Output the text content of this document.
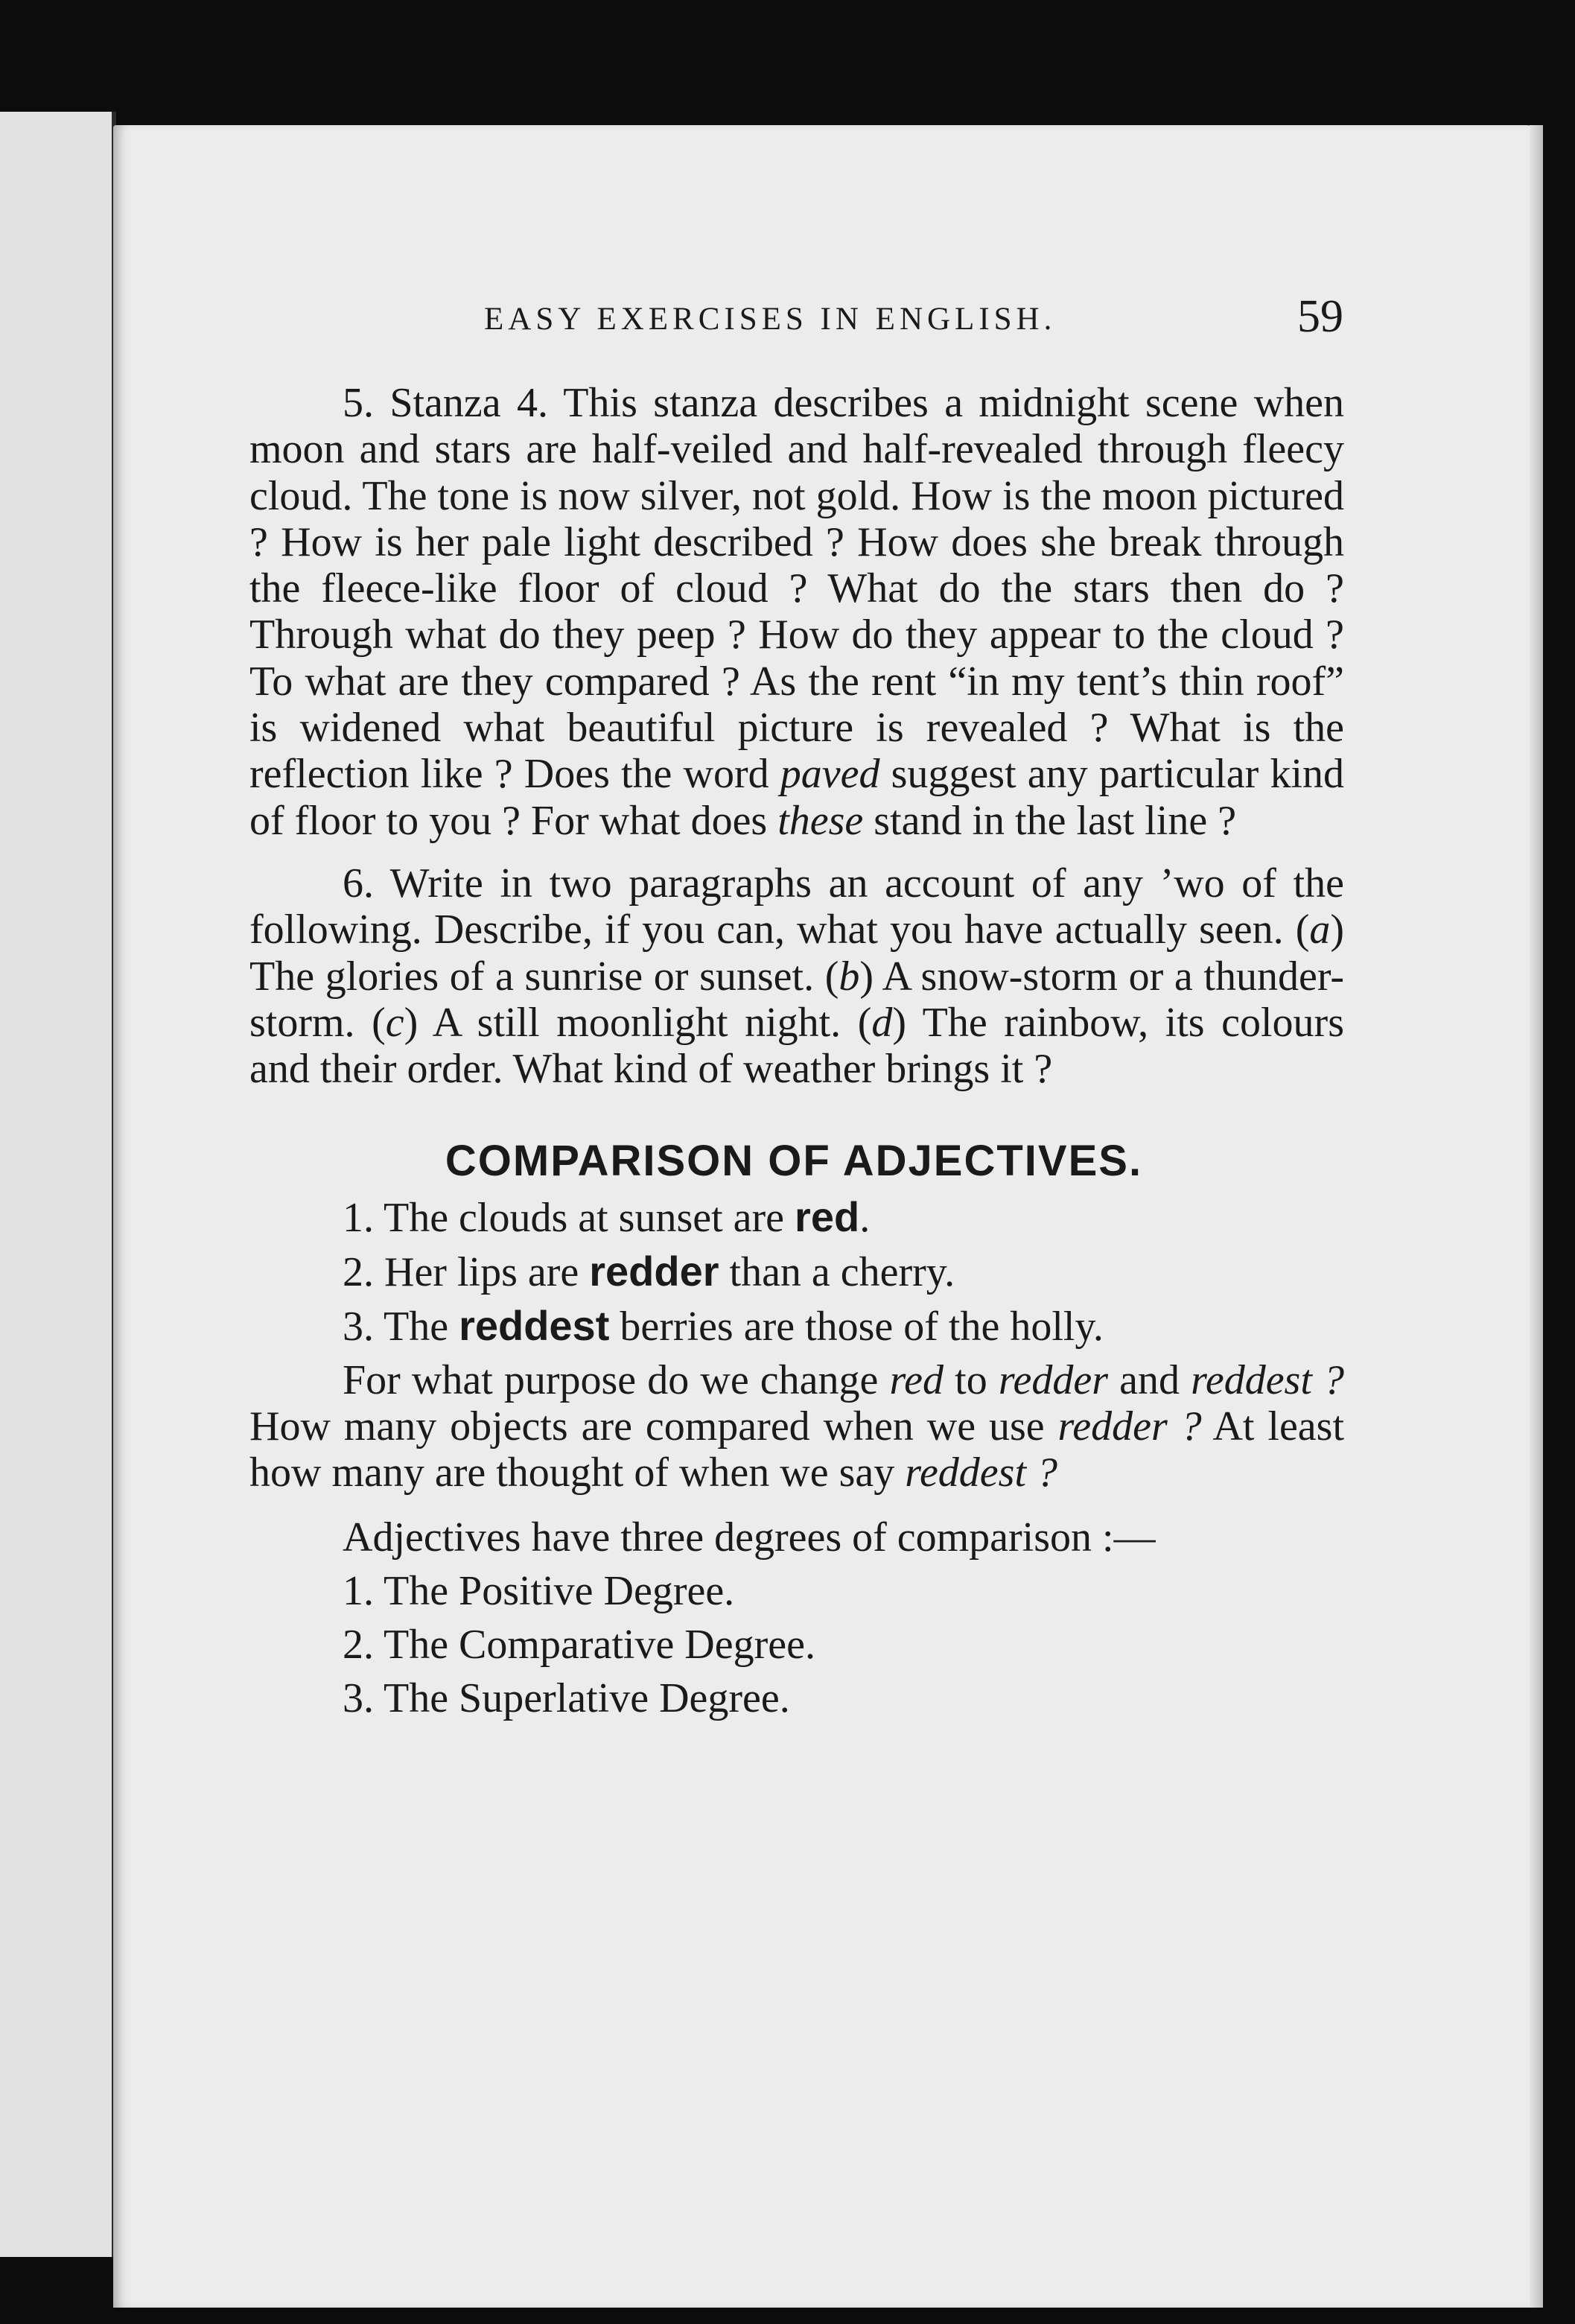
EASY EXERCISES IN ENGLISH.	59

5. Stanza 4. This stanza describes a midnight scene when moon and stars are half-veiled and half-revealed through fleecy cloud. The tone is now silver, not gold. How is the moon pictured ? How is her pale light described ? How does she break through the fleece-like floor of cloud ? What do the stars then do ? Through what do they peep ? How do they appear to the cloud ? To what are they compared ? As the rent “in my tent’s thin roof” is widened what beautiful picture is revealed ? What is the reflection like ? Does the word paved suggest any particular kind of floor to you ? For what does these stand in the last line ?

6. Write in two paragraphs an account of any ’wo of the following. Describe, if you can, what you have actually seen. (a) The glories of a sunrise or sunset. (b) A snow-storm or a thunder-storm. (c) A still moonlight night. (d) The rainbow, its colours and their order. What kind of weather brings it ?

COMPARISON OF ADJECTIVES.

1. The clouds at sunset are red.

2. Her lips are redder than a cherry.

3. The reddest berries are those of the holly.

For what purpose do we change red to redder and reddest ? How many objects are compared when we use redder ? At least how many are thought of when we say reddest ?

Adjectives have three degrees of comparison :—

1. The Positive Degree.

2. The Comparative Degree.

3. The Superlative Degree.
